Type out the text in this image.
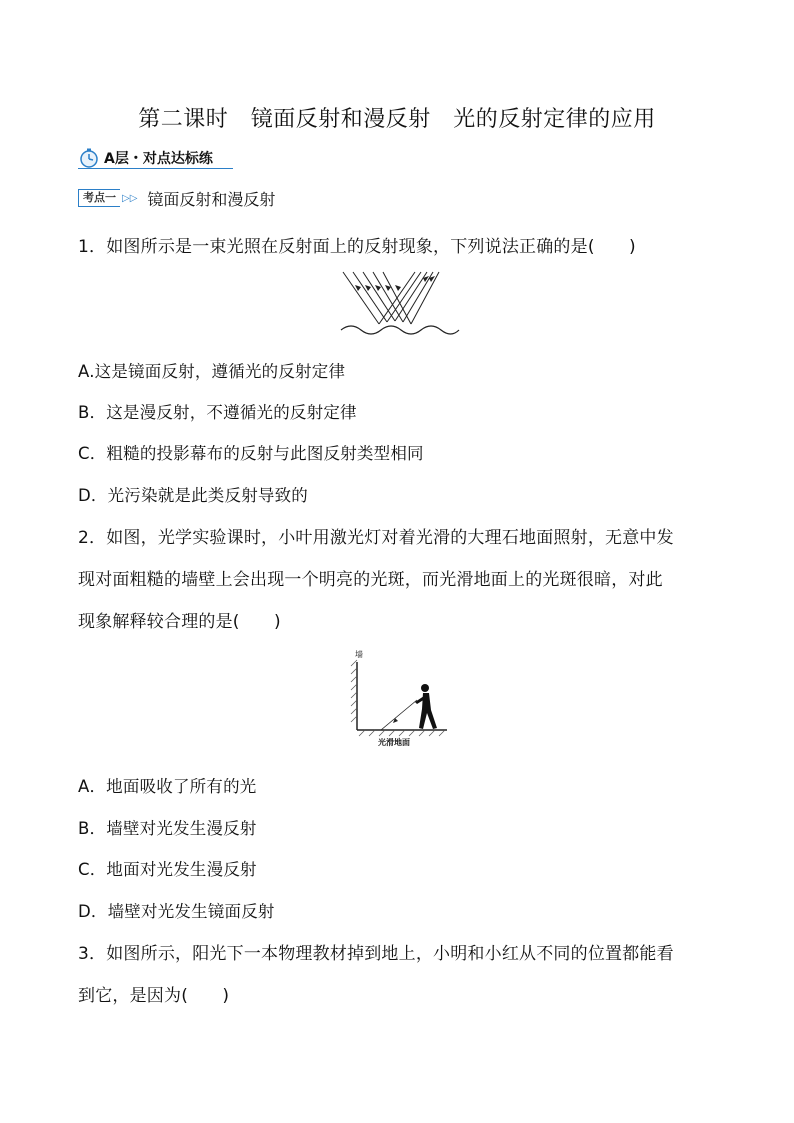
第二课时　镜面反射和漫反射　光的反射定律的应用
A层・对点达标练
考点一 ▷▷ 镜面反射和漫反射
1．如图所示是一束光照在反射面上的反射现象，下列说法正确的是(　　)
A.这是镜面反射，遵循光的反射定律
B．这是漫反射，不遵循光的反射定律
C．粗糙的投影幕布的反射与此图反射类型相同
D．光污染就是此类反射导致的
2．如图，光学实验课时，小叶用激光灯对着光滑的大理石地面照射，无意中发
现对面粗糙的墙壁上会出现一个明亮的光斑，而光滑地面上的光斑很暗，对此
现象解释较合理的是(　　)
墙
光滑地面
A．地面吸收了所有的光
B．墙壁对光发生漫反射
C．地面对光发生漫反射
D．墙壁对光发生镜面反射
3．如图所示，阳光下一本物理教材掉到地上，小明和小红从不同的位置都能看
到它，是因为(　　)
